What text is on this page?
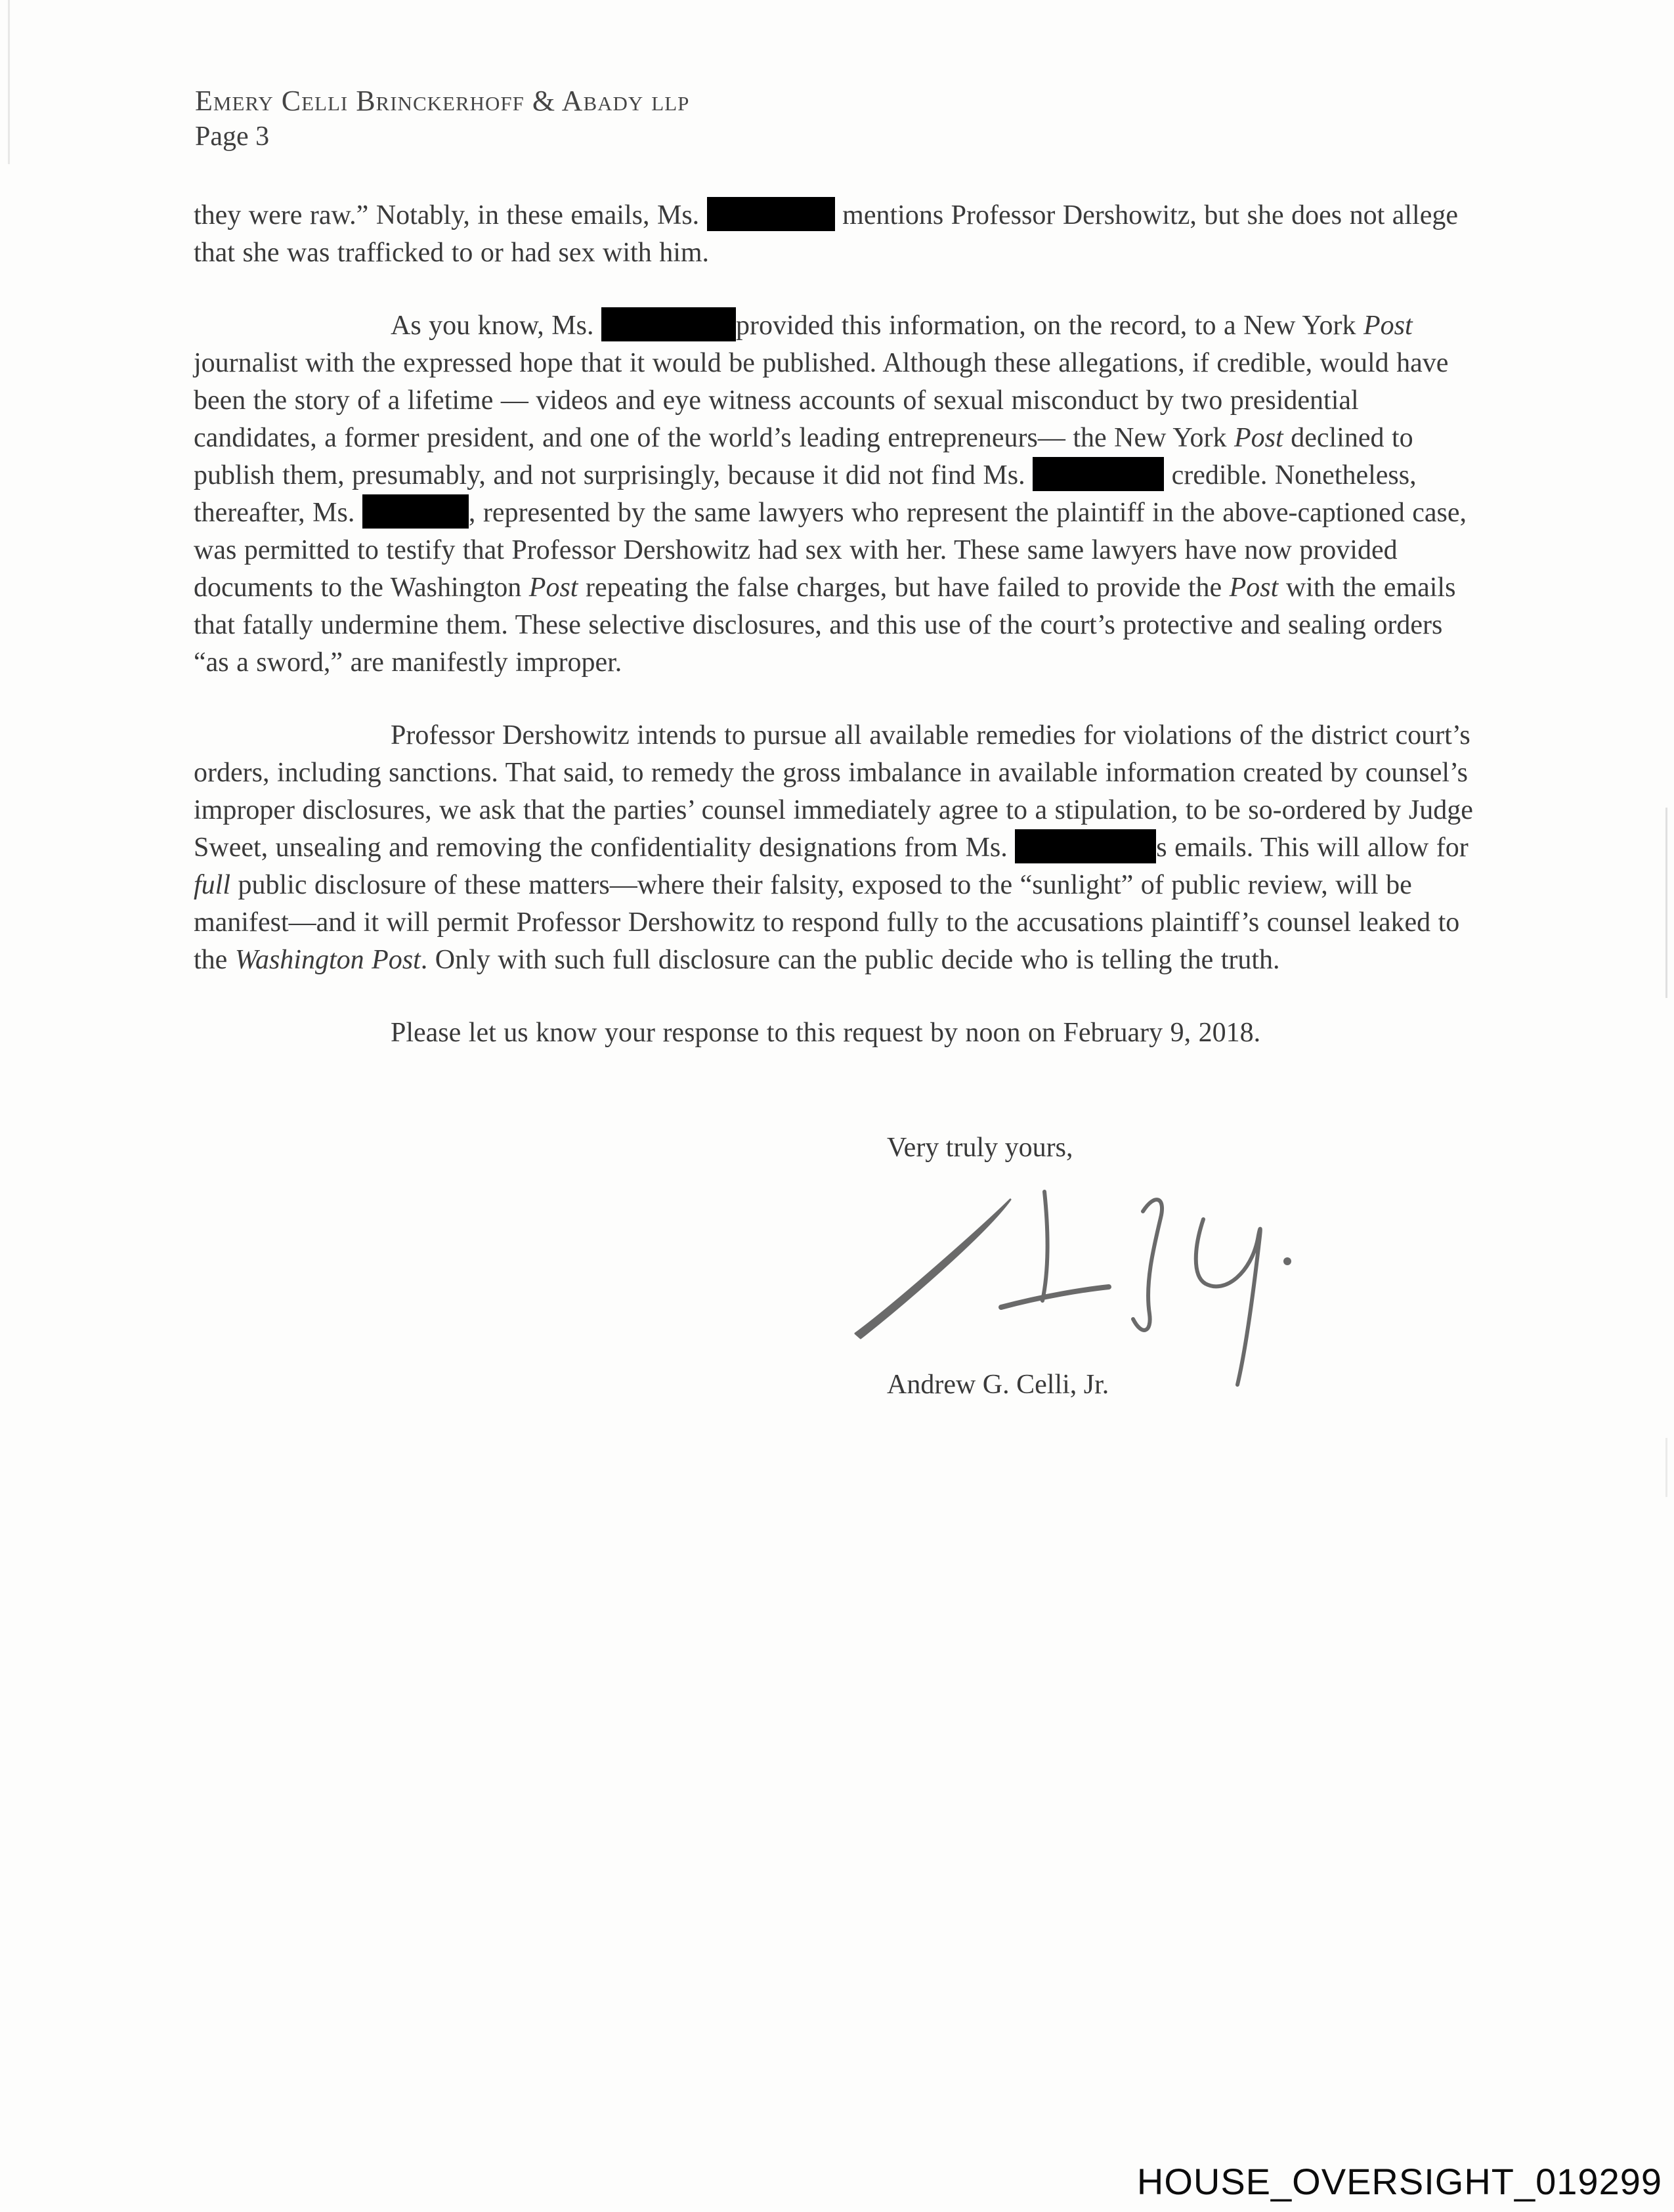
Emery Celli Brinckerhoff & Abady llp
Page 3

they were raw.” Notably, in these emails, Ms.	mentions Professor Dershowitz, but she does not allege that she was trafficked to or had sex with him.

As you know, Ms.	provided this information, on the record, to a New York Post journalist with the expressed hope that it would be published. Although these allegations, if credible, would have been the story of a lifetime — videos and eye witness accounts of sexual misconduct by two presidential candidates, a former president, and one of the world’s leading entrepreneurs— the New York Post declined to publish them, presumably, and not surprisingly, because it did not find Ms.	credible. Nonetheless, thereafter, Ms.	, represented by the same lawyers who represent the plaintiff in the above-captioned case, was permitted to testify that Professor Dershowitz had sex with her. These same lawyers have now provided documents to the Washington Post repeating the false charges, but have failed to provide the Post with the emails that fatally undermine them. These selective disclosures, and this use of the court’s protective and sealing orders “as a sword,” are manifestly improper.

Professor Dershowitz intends to pursue all available remedies for violations of the district court’s orders, including sanctions. That said, to remedy the gross imbalance in available information created by counsel’s improper disclosures, we ask that the parties’ counsel immediately agree to a stipulation, to be so-ordered by Judge Sweet, unsealing and removing the confidentiality designations from Ms.	s emails. This will allow for full public disclosure of these matters—where their falsity, exposed to the “sunlight” of public review, will be manifest—and it will permit Professor Dershowitz to respond fully to the accusations plaintiff’s counsel leaked to the Washington Post. Only with such full disclosure can the public decide who is telling the truth.

Please let us know your response to this request by noon on February 9, 2018.

Very truly yours,
Andrew G. Celli, Jr.
HOUSE_OVERSIGHT_019299
